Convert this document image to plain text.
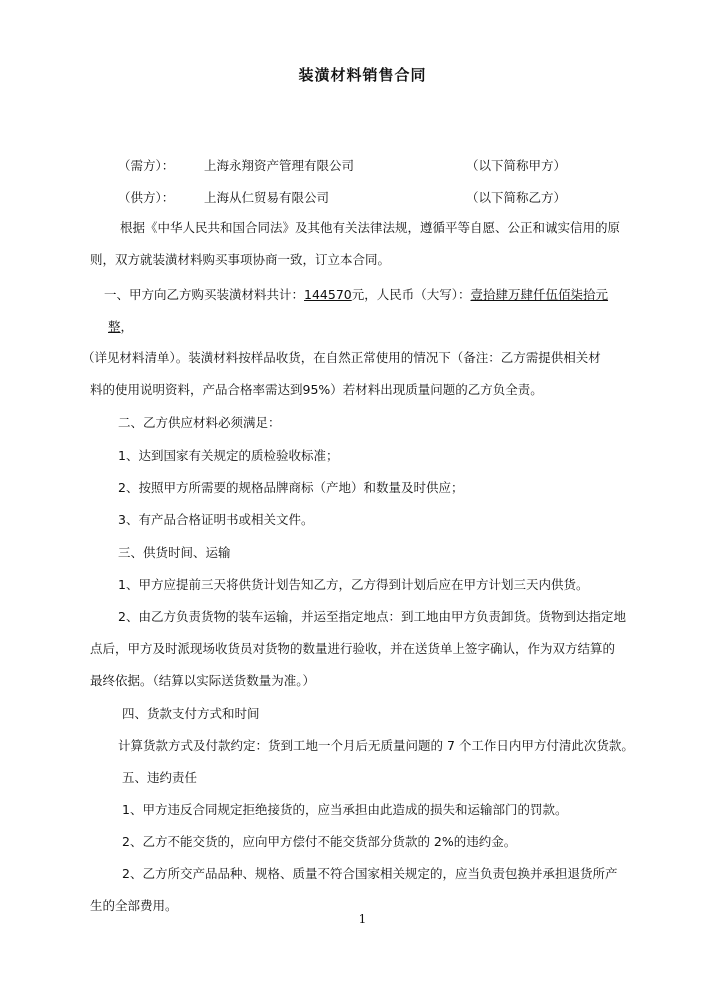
装潢材料销售合同
（需方）： 上海永翔资产管理有限公司	（以下简称甲方）
（供方）： 上海从仁贸易有限公司	（以下简称乙方）
根据《中华人民共和国合同法》及其他有关法律法规，遵循平等自愿、公正和诚实信用的原
则，双方就装潢材料购买事项协商一致，订立本合同。
一、甲方向乙方购买装潢材料共计：144570元，人民币（大写）：壹拾肆万肆仟伍佰柒拾元
整，
（详见材料清单）。装潢材料按样品收货，在自然正常使用的情况下（备注：乙方需提供相关材
料的使用说明资料，产品合格率需达到95%）若材料出现质量问题的乙方负全责。
二、乙方供应材料必须满足：
1、达到国家有关规定的质检验收标准；
2、按照甲方所需要的规格品牌商标（产地）和数量及时供应；
3、有产品合格证明书或相关文件。
三、供货时间、运输
1、甲方应提前三天将供货计划告知乙方，乙方得到计划后应在甲方计划三天内供货。
2、由乙方负责货物的装车运输，并运至指定地点：到工地由甲方负责卸货。货物到达指定地
点后，甲方及时派现场收货员对货物的数量进行验收，并在送货单上签字确认，作为双方结算的
最终依据。（结算以实际送货数量为准。）
四、货款支付方式和时间
计算货款方式及付款约定：货到工地一个月后无质量问题的 7 个工作日内甲方付清此次货款。
五、违约责任
1、甲方违反合同规定拒绝接货的，应当承担由此造成的损失和运输部门的罚款。
2、乙方不能交货的，应向甲方偿付不能交货部分货款的 2%的违约金。
2、乙方所交产品品种、规格、质量不符合国家相关规定的，应当负责包换并承担退货所产
生的全部费用。
1
